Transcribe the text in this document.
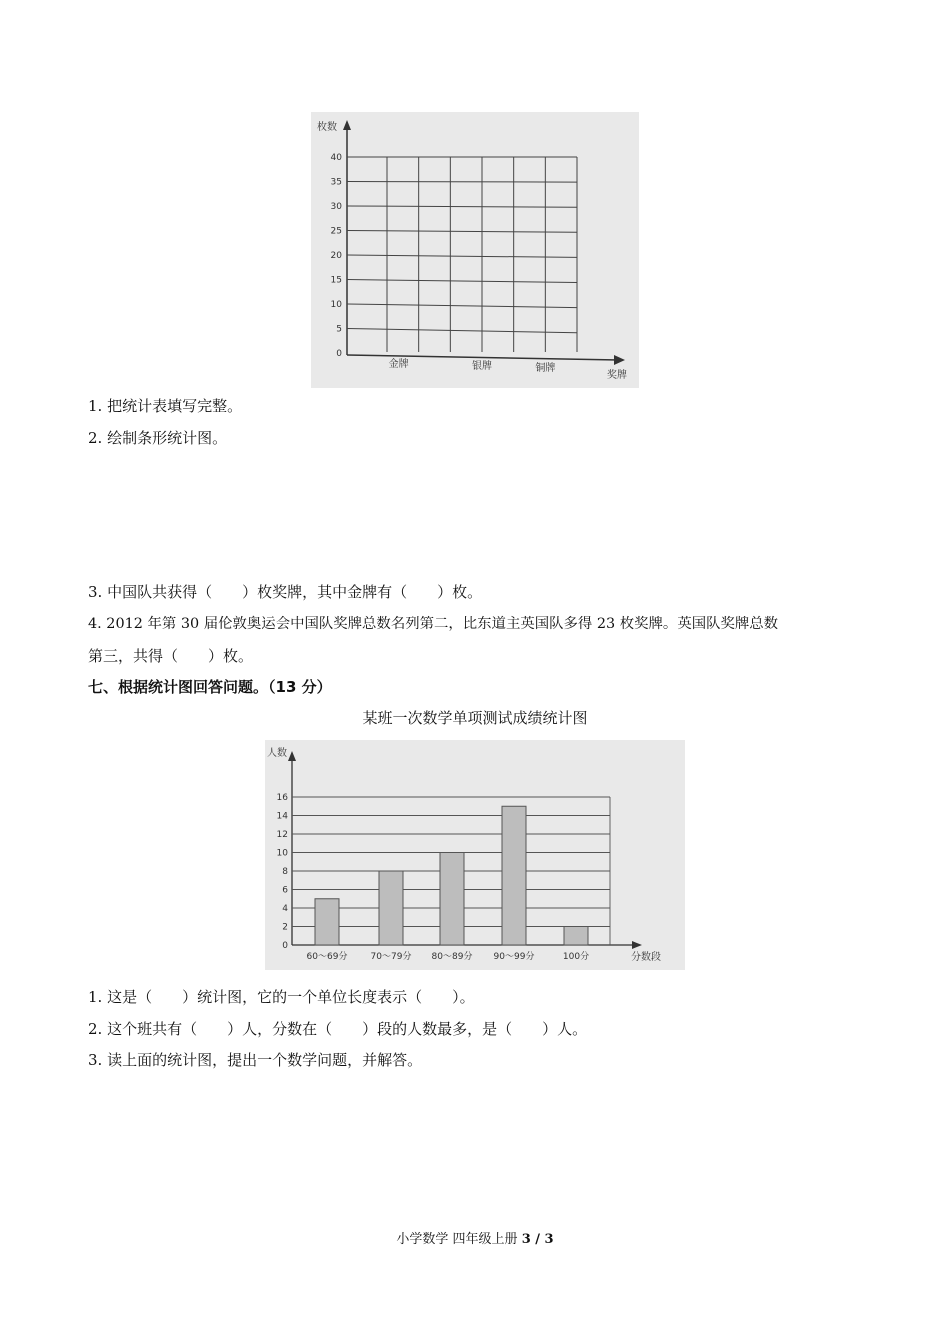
枚数
奖牌
0
5
10
15
20
25
30
35
40
金牌	银牌	铜牌
1. 把统计表填写完整。
2. 绘制条形统计图。
3. 中国队共获得（　　）枚奖牌，其中金牌有（　　）枚。
4. 2012 年第 30 届伦敦奥运会中国队奖牌总数名列第二，比东道主英国队多得 23 枚奖牌。英国队奖牌总数
第三，共得（　　）枚。
七、根据统计图回答问题。（13 分）
某班一次数学单项测试成绩统计图
人数
分数段
0
2
4
6
8
10
12
14
16
60～69分	70～79分 80～89分 90～99分	100分
1. 这是（　　）统计图，它的一个单位长度表示（　　）。
2. 这个班共有（　　）人，分数在（　　）段的人数最多，是（　　）人。
3. 读上面的统计图，提出一个数学问题，并解答。
小学数学 四年级上册 3 / 3
